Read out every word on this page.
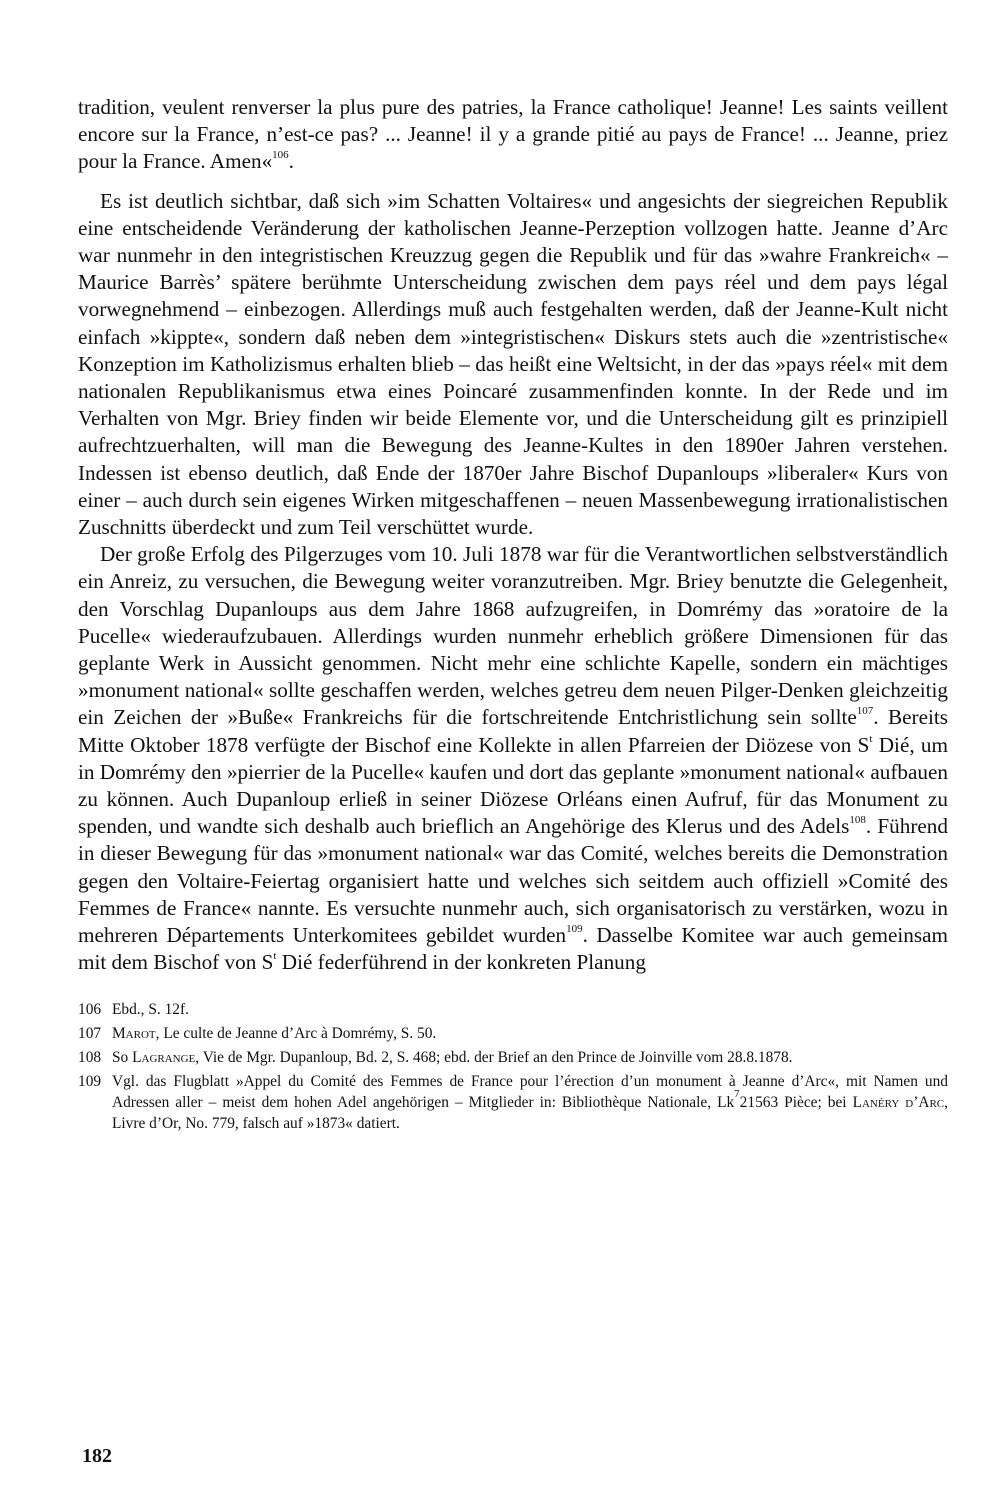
tradition, veulent renverser la plus pure des patries, la France catholique! Jeanne! Les saints veillent encore sur la France, n’est-ce pas? ... Jeanne! il y a grande pitié au pays de France! ... Jeanne, priez pour la France. Amen«$^{106}$.

Es ist deutlich sichtbar, daß sich »im Schatten Voltaires« und angesichts der siegreichen Republik eine entscheidende Veränderung der katholischen Jeanne-Perzeption vollzogen hatte. Jeanne d’Arc war nunmehr in den integristischen Kreuzzug gegen die Republik und für das »wahre Frankreich« – Maurice Barrès’ spätere berühmte Unterscheidung zwischen dem pays réel und dem pays légal vorwegnehmend – einbezogen. Allerdings muß auch festgehalten werden, daß der Jeanne-Kult nicht einfach »kippte«, sondern daß neben dem »integristischen« Diskurs stets auch die »zentristische« Konzeption im Katholizismus erhalten blieb – das heißt eine Weltsicht, in der das »pays réel« mit dem nationalen Republikanismus etwa eines Poincaré zusammenfinden konnte. In der Rede und im Verhalten von Mgr. Briey finden wir beide Elemente vor, und die Unterscheidung gilt es prinzipiell aufrechtzuerhalten, will man die Bewegung des Jeanne-Kultes in den 1890er Jahren verstehen. Indessen ist ebenso deutlich, daß Ende der 1870er Jahre Bischof Dupanloups »liberaler« Kurs von einer – auch durch sein eigenes Wirken mitgeschaffenen – neuen Massenbewegung irrationalistischen Zuschnitts überdeckt und zum Teil verschüttet wurde.

Der große Erfolg des Pilgerzuges vom 10. Juli 1878 war für die Verantwortlichen selbstverständlich ein Anreiz, zu versuchen, die Bewegung weiter voranzutreiben. Mgr. Briey benutzte die Gelegenheit, den Vorschlag Dupanloups aus dem Jahre 1868 aufzugreifen, in Domrémy das »oratoire de la Pucelle« wiederaufzubauen. Allerdings wurden nunmehr erheblich größere Dimensionen für das geplante Werk in Aussicht genommen. Nicht mehr eine schlichte Kapelle, sondern ein mächtiges »monument national« sollte geschaffen werden, welches getreu dem neuen Pilger-Denken gleichzeitig ein Zeichen der »Buße« Frankreichs für die fortschreitende Entchristlichung sein sollte$^{107}$. Bereits Mitte Oktober 1878 verfügte der Bischof eine Kollekte in allen Pfarreien der Diözese von $S^t$ Dié, um in Domrémy den »pierrier de la Pucelle« kaufen und dort das geplante »monument national« aufbauen zu können. Auch Dupanloup erließ in seiner Diözese Orléans einen Aufruf, für das Monument zu spenden, und wandte sich deshalb auch brieflich an Angehörige des Klerus und des Adels$^{108}$. Führend in dieser Bewegung für das »monument national« war das Comité, welches bereits die Demonstration gegen den Voltaire-Feiertag organisiert hatte und welches sich seitdem auch offiziell »Comité des Femmes de France« nannte. Es versuchte nunmehr auch, sich organisatorisch zu verstärken, wozu in mehreren Départements Unterkomitees gebildet wurden$^{109}$. Dasselbe Komitee war auch gemeinsam mit dem Bischof von $S^t$ Dié federführend in der konkreten Planung

106 Ebd., S. 12f.
107 Marot, Le culte de Jeanne d’Arc à Domrémy, S. 50.
108 So Lagrange, Vie de Mgr. Dupanloup, Bd. 2, S. 468; ebd. der Brief an den Prince de Joinville vom 28.8.1878.
109 Vgl. das Flugblatt »Appel du Comité des Femmes de France pour l’érection d’un monument à Jeanne d’Arc«, mit Namen und Adressen aller – meist dem hohen Adel angehörigen – Mitglieder in: Bibliothèque Nationale, Lk$^7$21563 Pièce; bei Lanéry d’Arc, Livre d’Or, No. 779, falsch auf »1873« datiert.
182
